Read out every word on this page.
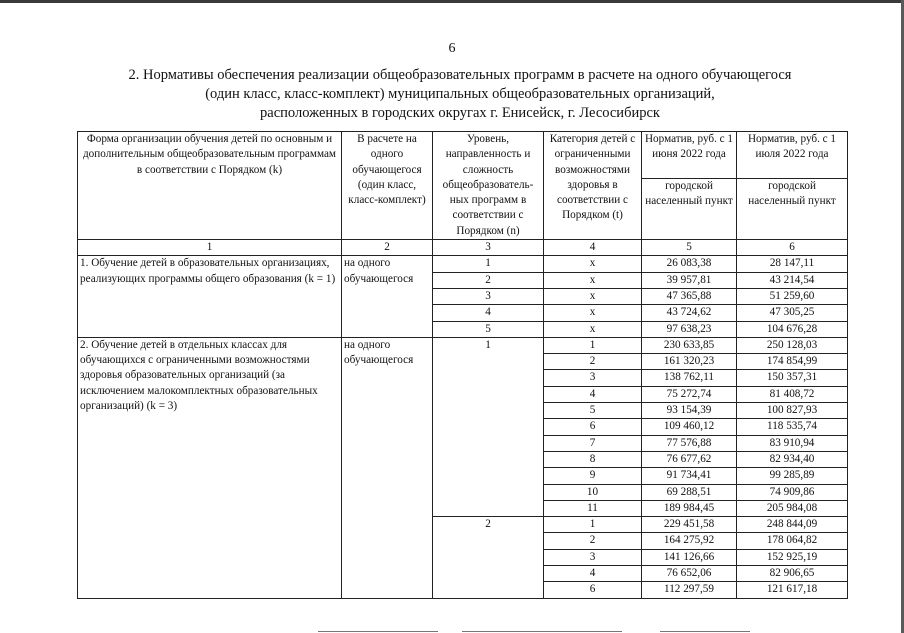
6
2. Нормативы обеспечения реализации общеобразовательных программ в расчете на одного обучающегося
(один класс, класс-комплект) муниципальных общеобразовательных организаций,
расположенных в городских округах г. Енисейск, г. Лесосибирск
Форма организации обучения детей по основным и дополнительным общеобразовательным программам в соответствии с Порядком (k)	В расчете на одного обучающегося (один класс, класс-комплект)	Уровень, направленность и сложность общеобразователь-ных программ в соответствии с Порядком (n)	Категория детей с ограниченными возможностями здоровья в соответствии с Порядком (t)	Норматив, руб. с 1 июня 2022 года	Норматив, руб. с 1 июля 2022 года
				городской населенный пункт	городской населенный пункт
1	2	3	4	5	6
1. Обучение детей в образовательных организациях, реализующих программы общего образования (k = 1)	на одного обучающегося	1	х	26 083,38	28 147,11
		2	х	39 957,81	43 214,54
		3	х	47 365,88	51 259,60
		4	х	43 724,62	47 305,25
		5	х	97 638,23	104 676,28
2. Обучение детей в отдельных классах для обучающихся с ограниченными возможностями здоровья образовательных организаций (за исключением малокомплектных образовательных организаций) (k = 3)	на одного обучающегося	1	1	230 633,85	250 128,03
			2	161 320,23	174 854,99
			3	138 762,11	150 357,31
			4	75 272,74	81 408,72
			5	93 154,39	100 827,93
			6	109 460,12	118 535,74
			7	77 576,88	83 910,94
			8	76 677,62	82 934,40
			9	91 734,41	99 285,89
			10	69 288,51	74 909,86
			11	189 984,45	205 984,08
		2	1	229 451,58	248 844,09
			2	164 275,92	178 064,82
			3	141 126,66	152 925,19
			4	76 652,06	82 906,65
			6	112 297,59	121 617,18
